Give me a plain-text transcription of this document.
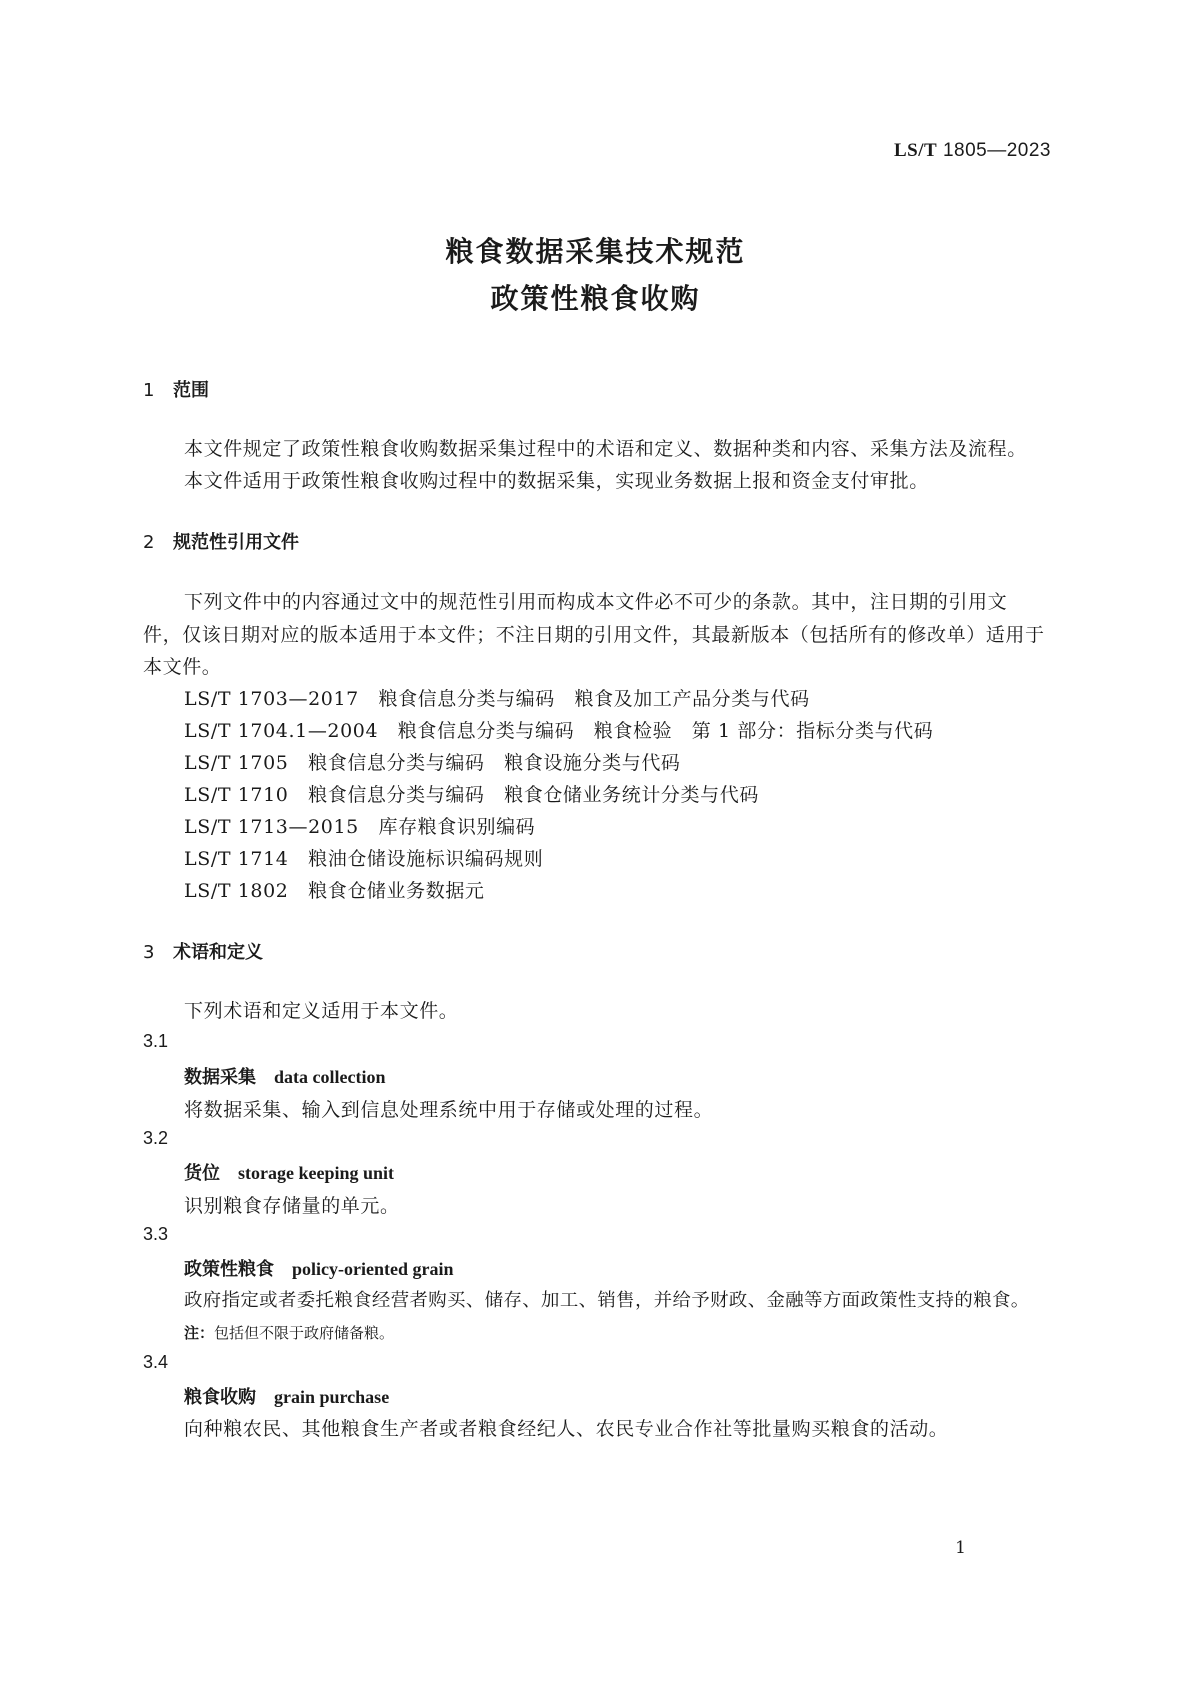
LS/T 1805—2023
粮食数据采集技术规范
政策性粮食收购
1 范围
本文件规定了政策性粮食收购数据采集过程中的术语和定义、数据种类和内容、采集方法及流程。
本文件适用于政策性粮食收购过程中的数据采集，实现业务数据上报和资金支付审批。
2 规范性引用文件
下列文件中的内容通过文中的规范性引用而构成本文件必不可少的条款。其中，注日期的引用文
件，仅该日期对应的版本适用于本文件；不注日期的引用文件，其最新版本（包括所有的修改单）适用于
本文件。
LS/T 1703—2017　 粮食信息分类与编码　粮食及加工产品分类与代码
LS/T 1704.1—2004　 粮食信息分类与编码　粮食检验　第 1 部分：指标分类与代码
LS/T 1705　 粮食信息分类与编码　粮食设施分类与代码
LS/T 1710　 粮食信息分类与编码　粮食仓储业务统计分类与代码
LS/T 1713—2015　 库存粮食识别编码
LS/T 1714　 粮油仓储设施标识编码规则
LS/T 1802　 粮食仓储业务数据元
3 术语和定义
下列术语和定义适用于本文件。
3.1
数据采集 data collection
将数据采集、输入到信息处理系统中用于存储或处理的过程。
3.2
货位 storage keeping unit
识别粮食存储量的单元。
3.3
政策性粮食 policy-oriented grain
政府指定或者委托粮食经营者购买、储存、加工、销售，并给予财政、金融等方面政策性支持的粮食。
注：包括但不限于政府储备粮。
3.4
粮食收购 grain purchase
向种粮农民、其他粮食生产者或者粮食经纪人、农民专业合作社等批量购买粮食的活动。
1
